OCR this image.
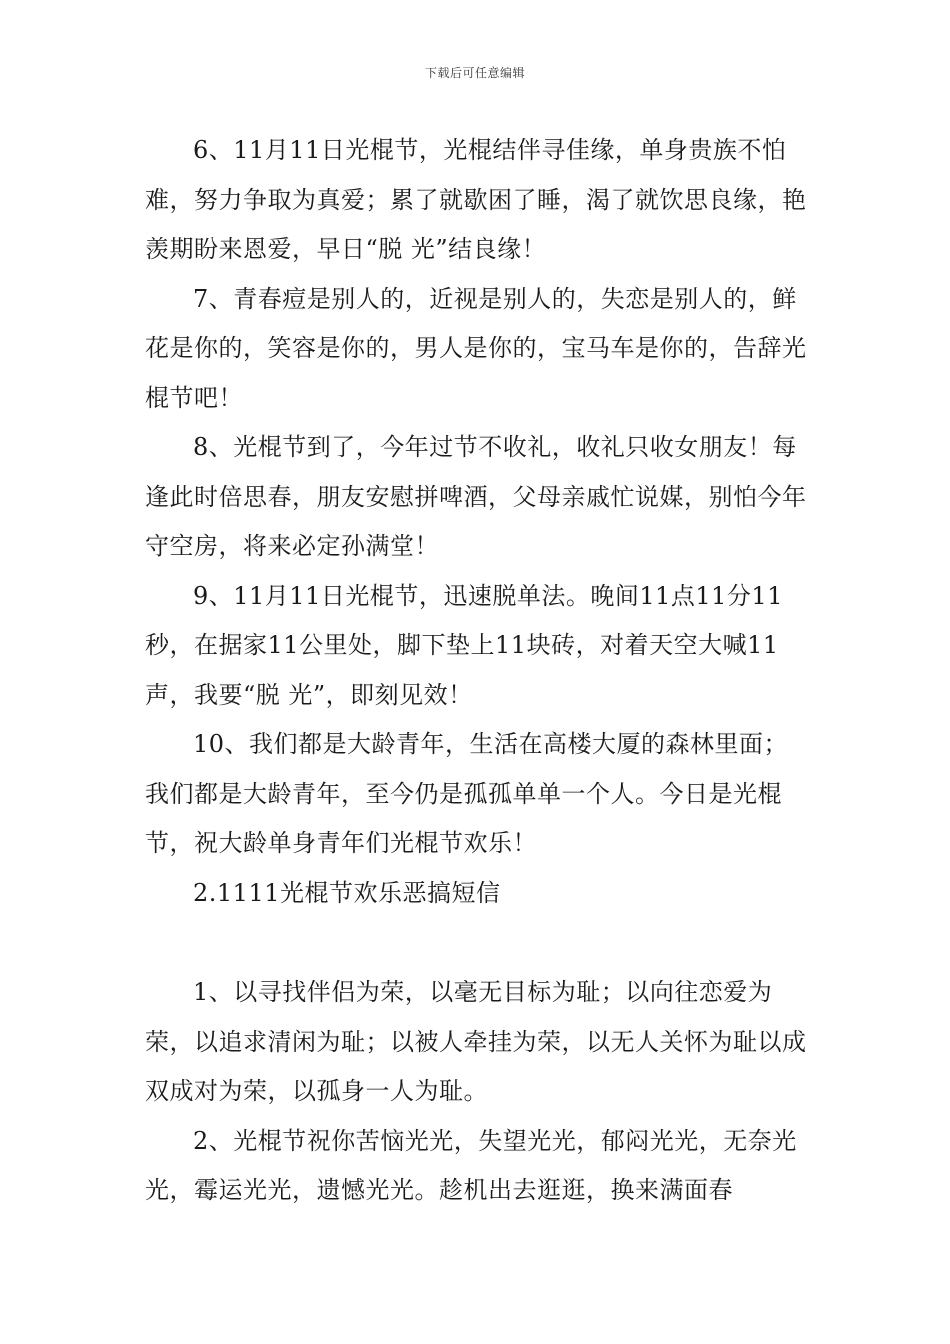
下载后可任意编辑

6、11月11日光棍节，光棍结伴寻佳缘，单身贵族不怕难，努力争取为真爱；累了就歇困了睡，渴了就饮思良缘，艳羡期盼来恩爱，早日“脱 光”结良缘！

7、青春痘是别人的，近视是别人的，失恋是别人的，鲜花是你的，笑容是你的，男人是你的，宝马车是你的，告辞光棍节吧！

8、光棍节到了，今年过节不收礼，收礼只收女朋友！每逢此时倍思春，朋友安慰拼啤酒，父母亲戚忙说媒，别怕今年守空房，将来必定孙满堂！

9、11月11日光棍节，迅速脱单法。晚间11点11分11秒，在据家11公里处，脚下垫上11块砖，对着天空大喊11声，我要“脱 光”，即刻见效！

10、我们都是大龄青年，生活在高楼大厦的森林里面；我们都是大龄青年，至今仍是孤孤单单一个人。今日是光棍节，祝大龄单身青年们光棍节欢乐！

2.1111光棍节欢乐恶搞短信

1、以寻找伴侣为荣，以毫无目标为耻；以向往恋爱为荣，以追求清闲为耻；以被人牵挂为荣，以无人关怀为耻以成双成对为荣，以孤身一人为耻。

2、光棍节祝你苦恼光光，失望光光，郁闷光光，无奈光光，霉运光光，遗憾光光。趁机出去逛逛，换来满面春
